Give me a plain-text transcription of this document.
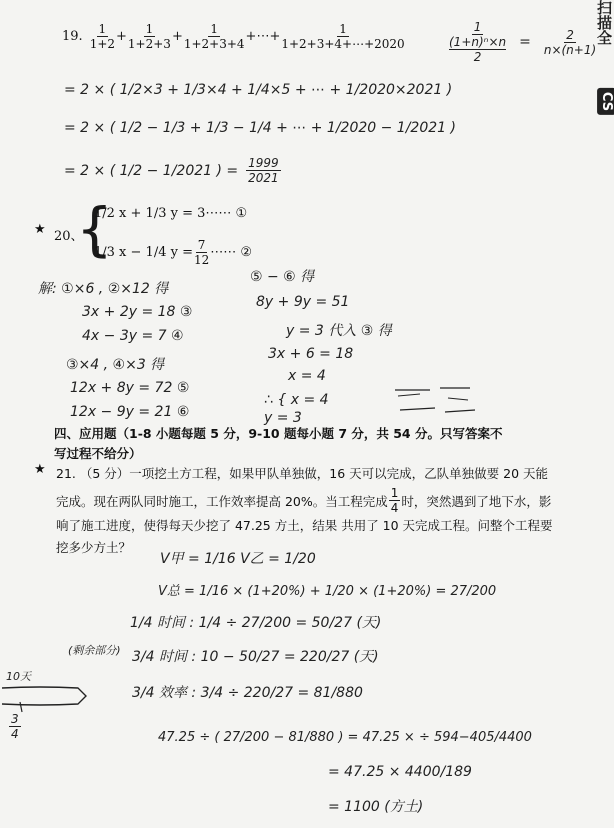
扫描全
CS
19. $\frac{1}{1+2} + \frac{1}{1+2+3} + \frac{1}{1+2+3+4}$ +⋯+ $\frac{1}{1+2+3+4+\cdots+2020}$	1
(1+n)ⁿ×n
2
= $\frac{2}{n\times(n+1)}$
= 2 × ( 1/2×3 + 1/3×4 + 1/4×5 + ⋯ + 1/2020×2021 )
= 2 × ( 1/2 − 1/3 + 1/3 − 1/4 + ⋯ + 1/2020 − 1/2021 )
= 2 × ( 1/2 − 1/2021 ) = $\frac{1999}{2021}$
★ 20、
{
1/2 x + 1/3 y = 3⋯⋯ ①
1/3 x − 1/4 $y = \frac{7}{12}$ ⋯⋯ ②
解: ①×6 , ②×12 得
3x + 2y = 18 ③
4x − 3y = 7 ④
③×4 , ④×3 得
12x + 8y = 72 ⑤
12x − 9y = 21 ⑥
⑤ − ⑥ 得
8y + 9y = 51
y = 3 代入 ③ 得
3x + 6 = 18
x = 4
∴ { x = 4
y = 3
四、应用题（1-8 小题每题 5 分，9-10 题每小题 7 分，共 54 分。只写答案不写过程不给分）
★ 21. （5 分）一项挖土方工程，如果甲队单独做，16 天可以完成，乙队单独做要 20 天能
完成。现在两队同时施工，工作效率提高 20%。当工程完成 $\frac{1}{4}$ 时，突然遇到了地下水，影
响了施工进度，使得每天少挖了 47.25 方土，结果 共用了 10 天完成工程。问整个工程要
挖多少方土？
V甲 = 1/16 V乙 = 1/20
V总 = 1/16 × (1+20%) + 1/20 × (1+20%) = 27/200
1/4 时间 : 1/4 ÷ 27/200 = 50/27 (天)
(剩余部分) 3/4 时间 : 10 − 50/27 = 220/27 (天)
3/4 效率 : 3/4 ÷ 220/27 = 81/880
47.25 ÷ ( 27/200 − 81/880 ) = 47.25 × ÷ 594−405/4400
= 47.25 × 4400/189
= 1100 (方土)
10天
$\frac{3}{4}$
